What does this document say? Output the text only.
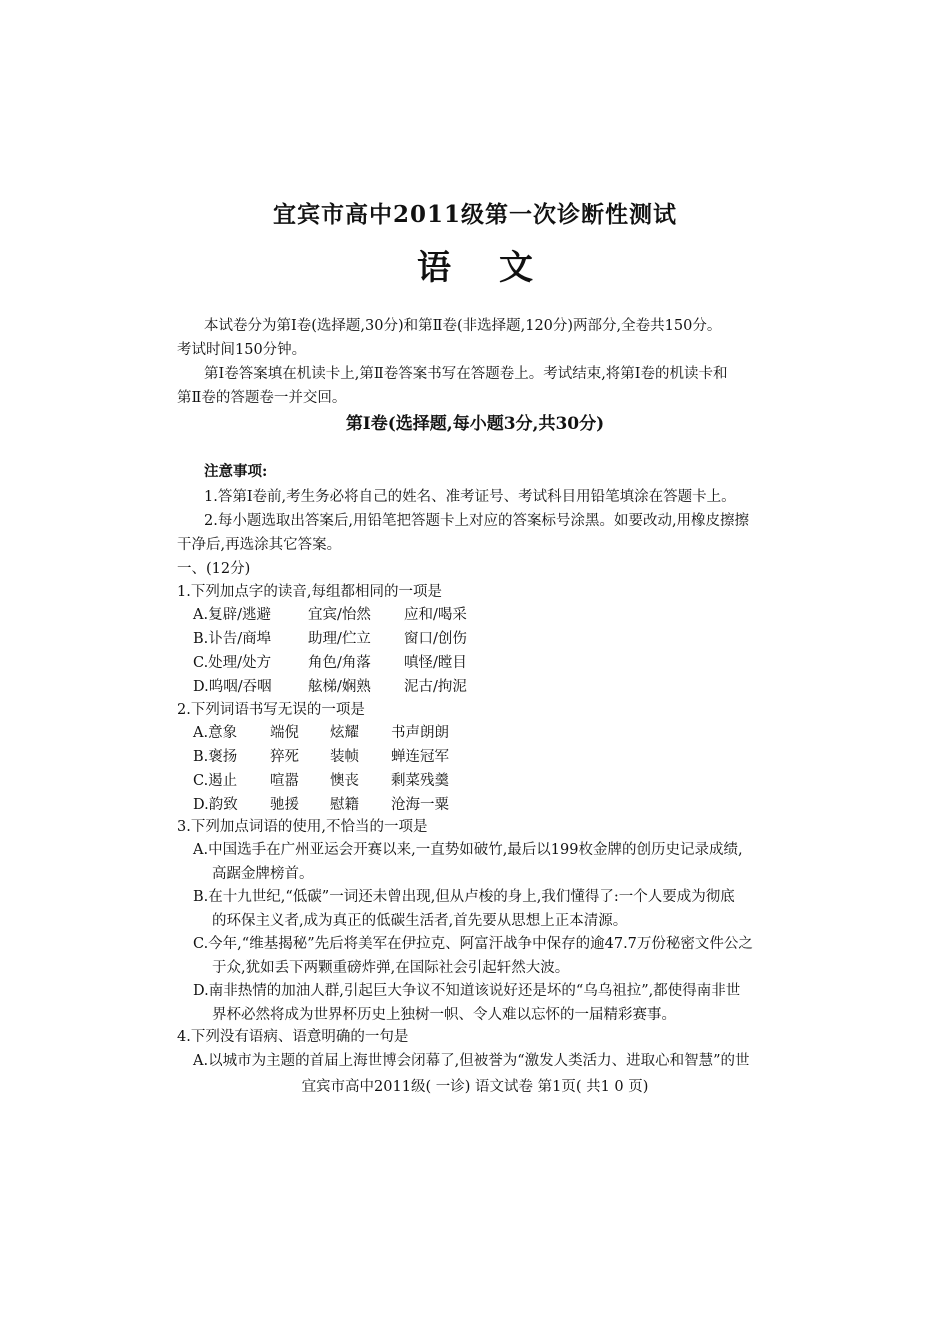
宜宾市高中2011级第一次诊断性测试
语文
本试卷分为第Ⅰ卷(选择题,30分)和第Ⅱ卷(非选择题,120分)两部分,全卷共150分。
考试时间150分钟。
第Ⅰ卷答案填在机读卡上,第Ⅱ卷答案书写在答题卷上。考试结束,将第Ⅰ卷的机读卡和
第Ⅱ卷的答题卷一并交回。
第Ⅰ卷(选择题,每小题3分,共30分)
注意事项:
1.答第Ⅰ卷前,考生务必将自己的姓名、准考证号、考试科目用铅笔填涂在答题卡上。
2.每小题选取出答案后,用铅笔把答题卡上对应的答案标号涂黑。如要改动,用橡皮擦擦
干净后,再选涂其它答案。
一、(12分)
1.下列加点字的读音,每组都相同的一项是
A.复辟/逃避	宜宾/怡然 应和/喝采
B.讣告/商埠	助理/伫立 窗口/创伤
C.处理/处方	角色/角落 嗔怪/瞠目
D.呜咽/吞咽	舷梯/娴熟 泥古/拘泥
2.下列词语书写无误的一项是
A.意象 端倪 炫耀 书声朗朗
B.褒扬 猝死 装帧 蝉连冠军
C.遏止 喧嚣 懊丧 剩菜残羹
D.韵致 驰援 慰籍 沧海一粟
3.下列加点词语的使用,不恰当的一项是
A.中国选手在广州亚运会开赛以来,一直势如破竹,最后以199枚金牌的创历史记录成绩,
高踞金牌榜首。
B.在十九世纪,“低碳”一词还未曾出现,但从卢梭的身上,我们懂得了:一个人要成为彻底
的环保主义者,成为真正的低碳生活者,首先要从思想上正本清源。
C.今年,“维基揭秘”先后将美军在伊拉克、阿富汗战争中保存的逾47.7万份秘密文件公之
于众,犹如丢下两颗重磅炸弹,在国际社会引起轩然大波。
D.南非热情的加油人群,引起巨大争议不知道该说好还是坏的“乌乌祖拉”,都使得南非世
界杯必然将成为世界杯历史上独树一帜、令人难以忘怀的一届精彩赛事。
4.下列没有语病、语意明确的一句是
A.以城市为主题的首届上海世博会闭幕了,但被誉为“激发人类活力、进取心和智慧”的世
宜宾市高中2011级( 一诊) 语文试卷 第1页( 共1 0 页)
